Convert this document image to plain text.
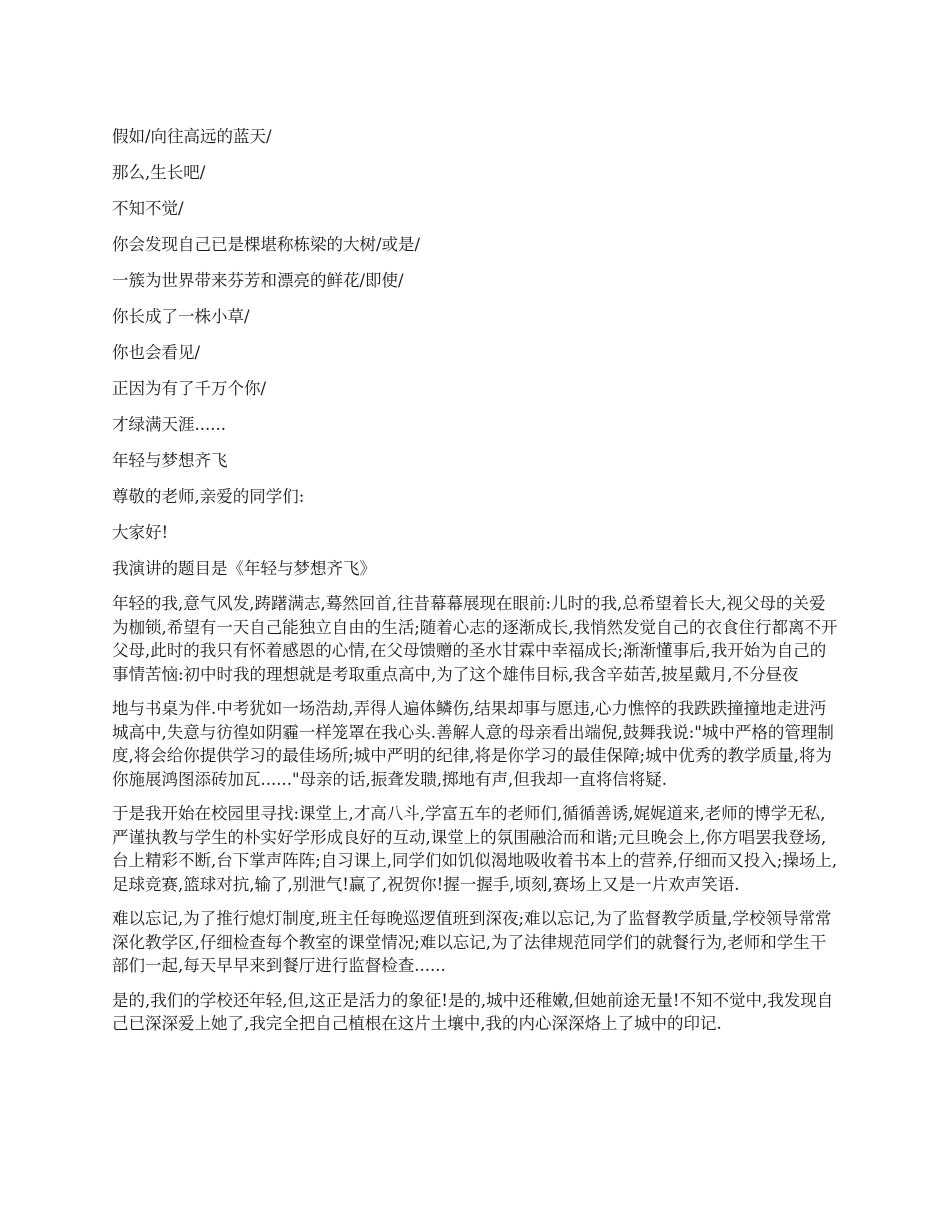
假如/向往高远的蓝天/

那么,生长吧/

不知不觉/

你会发现自己已是棵堪称栋梁的大树/或是/

一簇为世界带来芬芳和漂亮的鲜花/即使/

你长成了一株小草/

你也会看见/

正因为有了千万个你/

才绿满天涯......

年轻与梦想齐飞

尊敬的老师,亲爱的同学们:

大家好!

我演讲的题目是《年轻与梦想齐飞》

年轻的我,意气风发,踌躇满志,蓦然回首,往昔幕幕展现在眼前:儿时的我,总希望着长大,视父母的关爱为枷锁,希望有一天自己能独立自由的生活;随着心志的逐渐成长,我悄然发觉自己的衣食住行都离不开父母,此时的我只有怀着感恩的心情,在父母馈赠的圣水甘霖中幸福成长;渐渐懂事后,我开始为自己的事情苦恼:初中时我的理想就是考取重点高中,为了这个雄伟目标,我含辛茹苦,披星戴月,不分昼夜

地与书桌为伴.中考犹如一场浩劫,弄得人遍体鳞伤,结果却事与愿违,心力憔悴的我跌跌撞撞地走进沔城高中,失意与彷徨如阴霾一样笼罩在我心头.善解人意的母亲看出端倪,鼓舞我说:"城中严格的管理制度,将会给你提供学习的最佳场所;城中严明的纪律,将是你学习的最佳保障;城中优秀的教学质量,将为你施展鸿图添砖加瓦......"母亲的话,振聋发聩,掷地有声,但我却一直将信将疑.

于是我开始在校园里寻找:课堂上,才高八斗,学富五车的老师们,循循善诱,娓娓道来,老师的博学无私,严谨执教与学生的朴实好学形成良好的互动,课堂上的氛围融洽而和谐;元旦晚会上,你方唱罢我登场,台上精彩不断,台下掌声阵阵;自习课上,同学们如饥似渴地吸收着书本上的营养,仔细而又投入;操场上,足球竞赛,篮球对抗,输了,别泄气!赢了,祝贺你!握一握手,顷刻,赛场上又是一片欢声笑语.

难以忘记,为了推行熄灯制度,班主任每晚巡逻值班到深夜;难以忘记,为了监督教学质量,学校领导常常深化教学区,仔细检查每个教室的课堂情况;难以忘记,为了法律规范同学们的就餐行为,老师和学生干部们一起,每天早早来到餐厅进行监督检查......

是的,我们的学校还年轻,但,这正是活力的象征!是的,城中还稚嫩,但她前途无量!不知不觉中,我发现自己已深深爱上她了,我完全把自己植根在这片土壤中,我的内心深深烙上了城中的印记.
